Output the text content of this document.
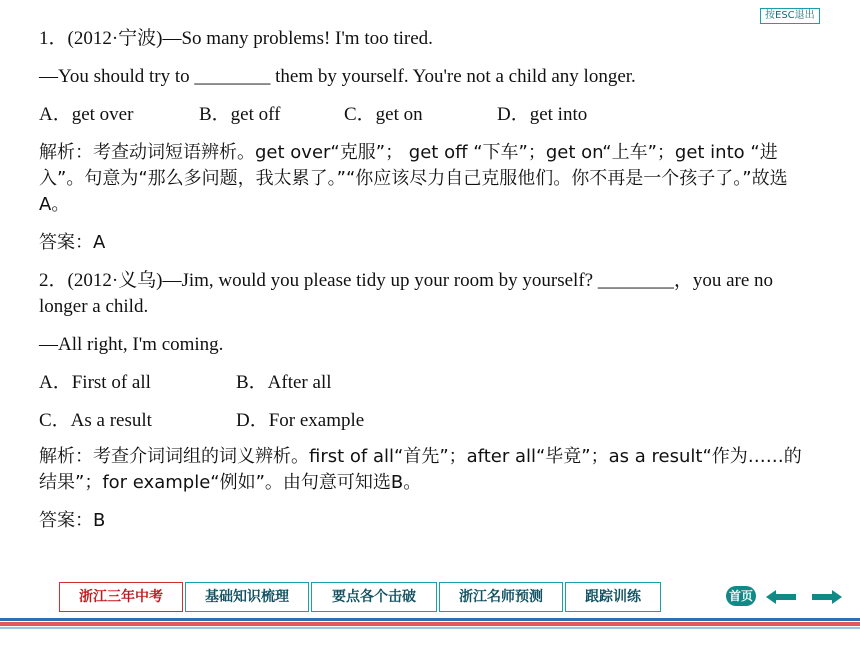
按ESC退出

1．(2012·宁波)—So many problems! I'm too tired.

—You should try to ________ them by yourself. You're not a child any longer.

A．get over	B．get off	C．get on	D．get into

解析：考查动词短语辨析。get over“克服”； get off “下车”；get on“上车”；get into “进入”。句意为“那么多问题，我太累了。”“你应该尽力自己克服他们。你不再是一个孩子了。”故选A。

答案：A

2．(2012·义乌)—Jim, would you please tidy up your room by yourself? ________，you are no longer a child.

—All right, I'm coming.

A．First of all	B．After all
C．As a result	D．For example

解析：考查介词词组的词义辨析。first of all“首先”；after all“毕竟”；as a result“作为……的结果”；for example“例如”。由句意可知选B。

答案：B

浙江三年中考	基础知识梳理	要点各个击破	浙江名师预测	跟踪训练	首页
